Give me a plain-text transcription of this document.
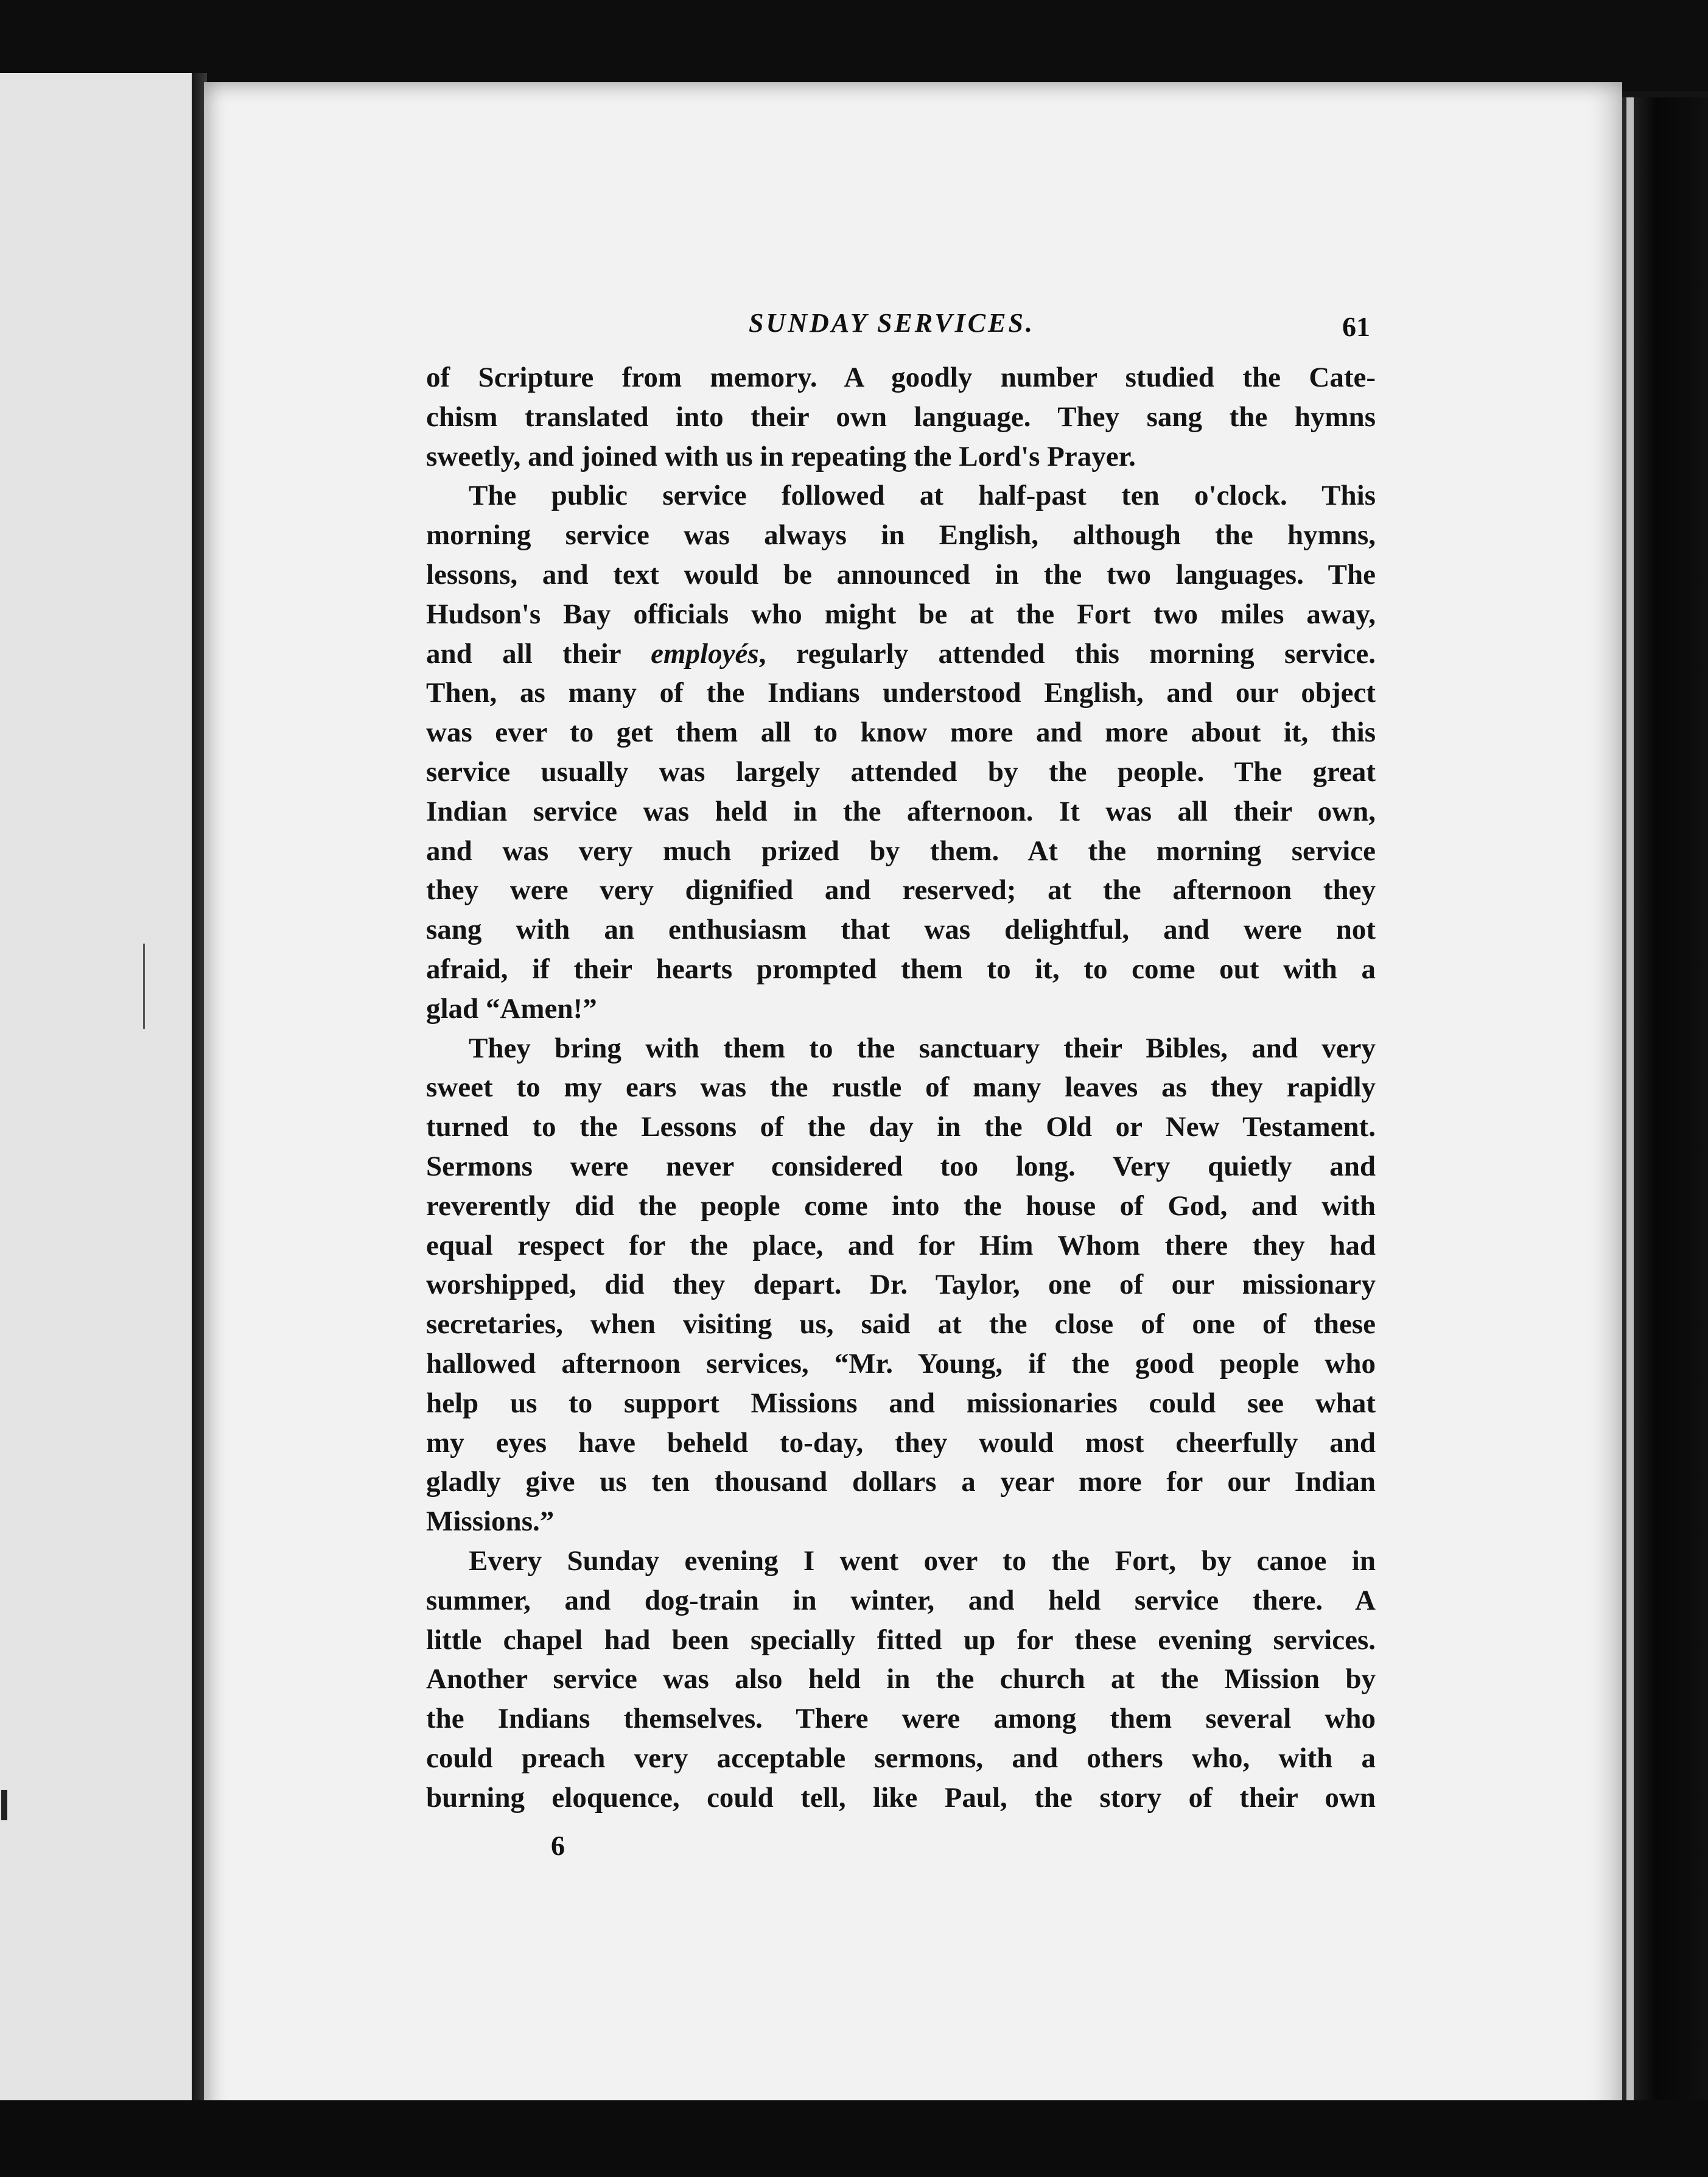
SUNDAY SERVICES.	61
of Scripture from memory. A goodly number studied the Cate-
chism translated into their own language. They sang the hymns
sweetly, and joined with us in repeating the Lord's Prayer.
The public service followed at half-past ten o'clock. This
morning service was always in English, although the hymns,
lessons, and text would be announced in the two languages. The
Hudson's Bay officials who might be at the Fort two miles away,
and all their employés, regularly attended this morning service.
Then, as many of the Indians understood English, and our object
was ever to get them all to know more and more about it, this
service usually was largely attended by the people. The great
Indian service was held in the afternoon. It was all their own,
and was very much prized by them. At the morning service
they were very dignified and reserved; at the afternoon they
sang with an enthusiasm that was delightful, and were not
afraid, if their hearts prompted them to it, to come out with a
glad “Amen!”
They bring with them to the sanctuary their Bibles, and very
sweet to my ears was the rustle of many leaves as they rapidly
turned to the Lessons of the day in the Old or New Testament.
Sermons were never considered too long. Very quietly and
reverently did the people come into the house of God, and with
equal respect for the place, and for Him Whom there they had
worshipped, did they depart. Dr. Taylor, one of our missionary
secretaries, when visiting us, said at the close of one of these
hallowed afternoon services, “Mr. Young, if the good people who
help us to support Missions and missionaries could see what
my eyes have beheld to-day, they would most cheerfully and
gladly give us ten thousand dollars a year more for our Indian
Missions.”
Every Sunday evening I went over to the Fort, by canoe in
summer, and dog-train in winter, and held service there. A
little chapel had been specially fitted up for these evening services.
Another service was also held in the church at the Mission by
the Indians themselves. There were among them several who
could preach very acceptable sermons, and others who, with a
burning eloquence, could tell, like Paul, the story of their own
6
